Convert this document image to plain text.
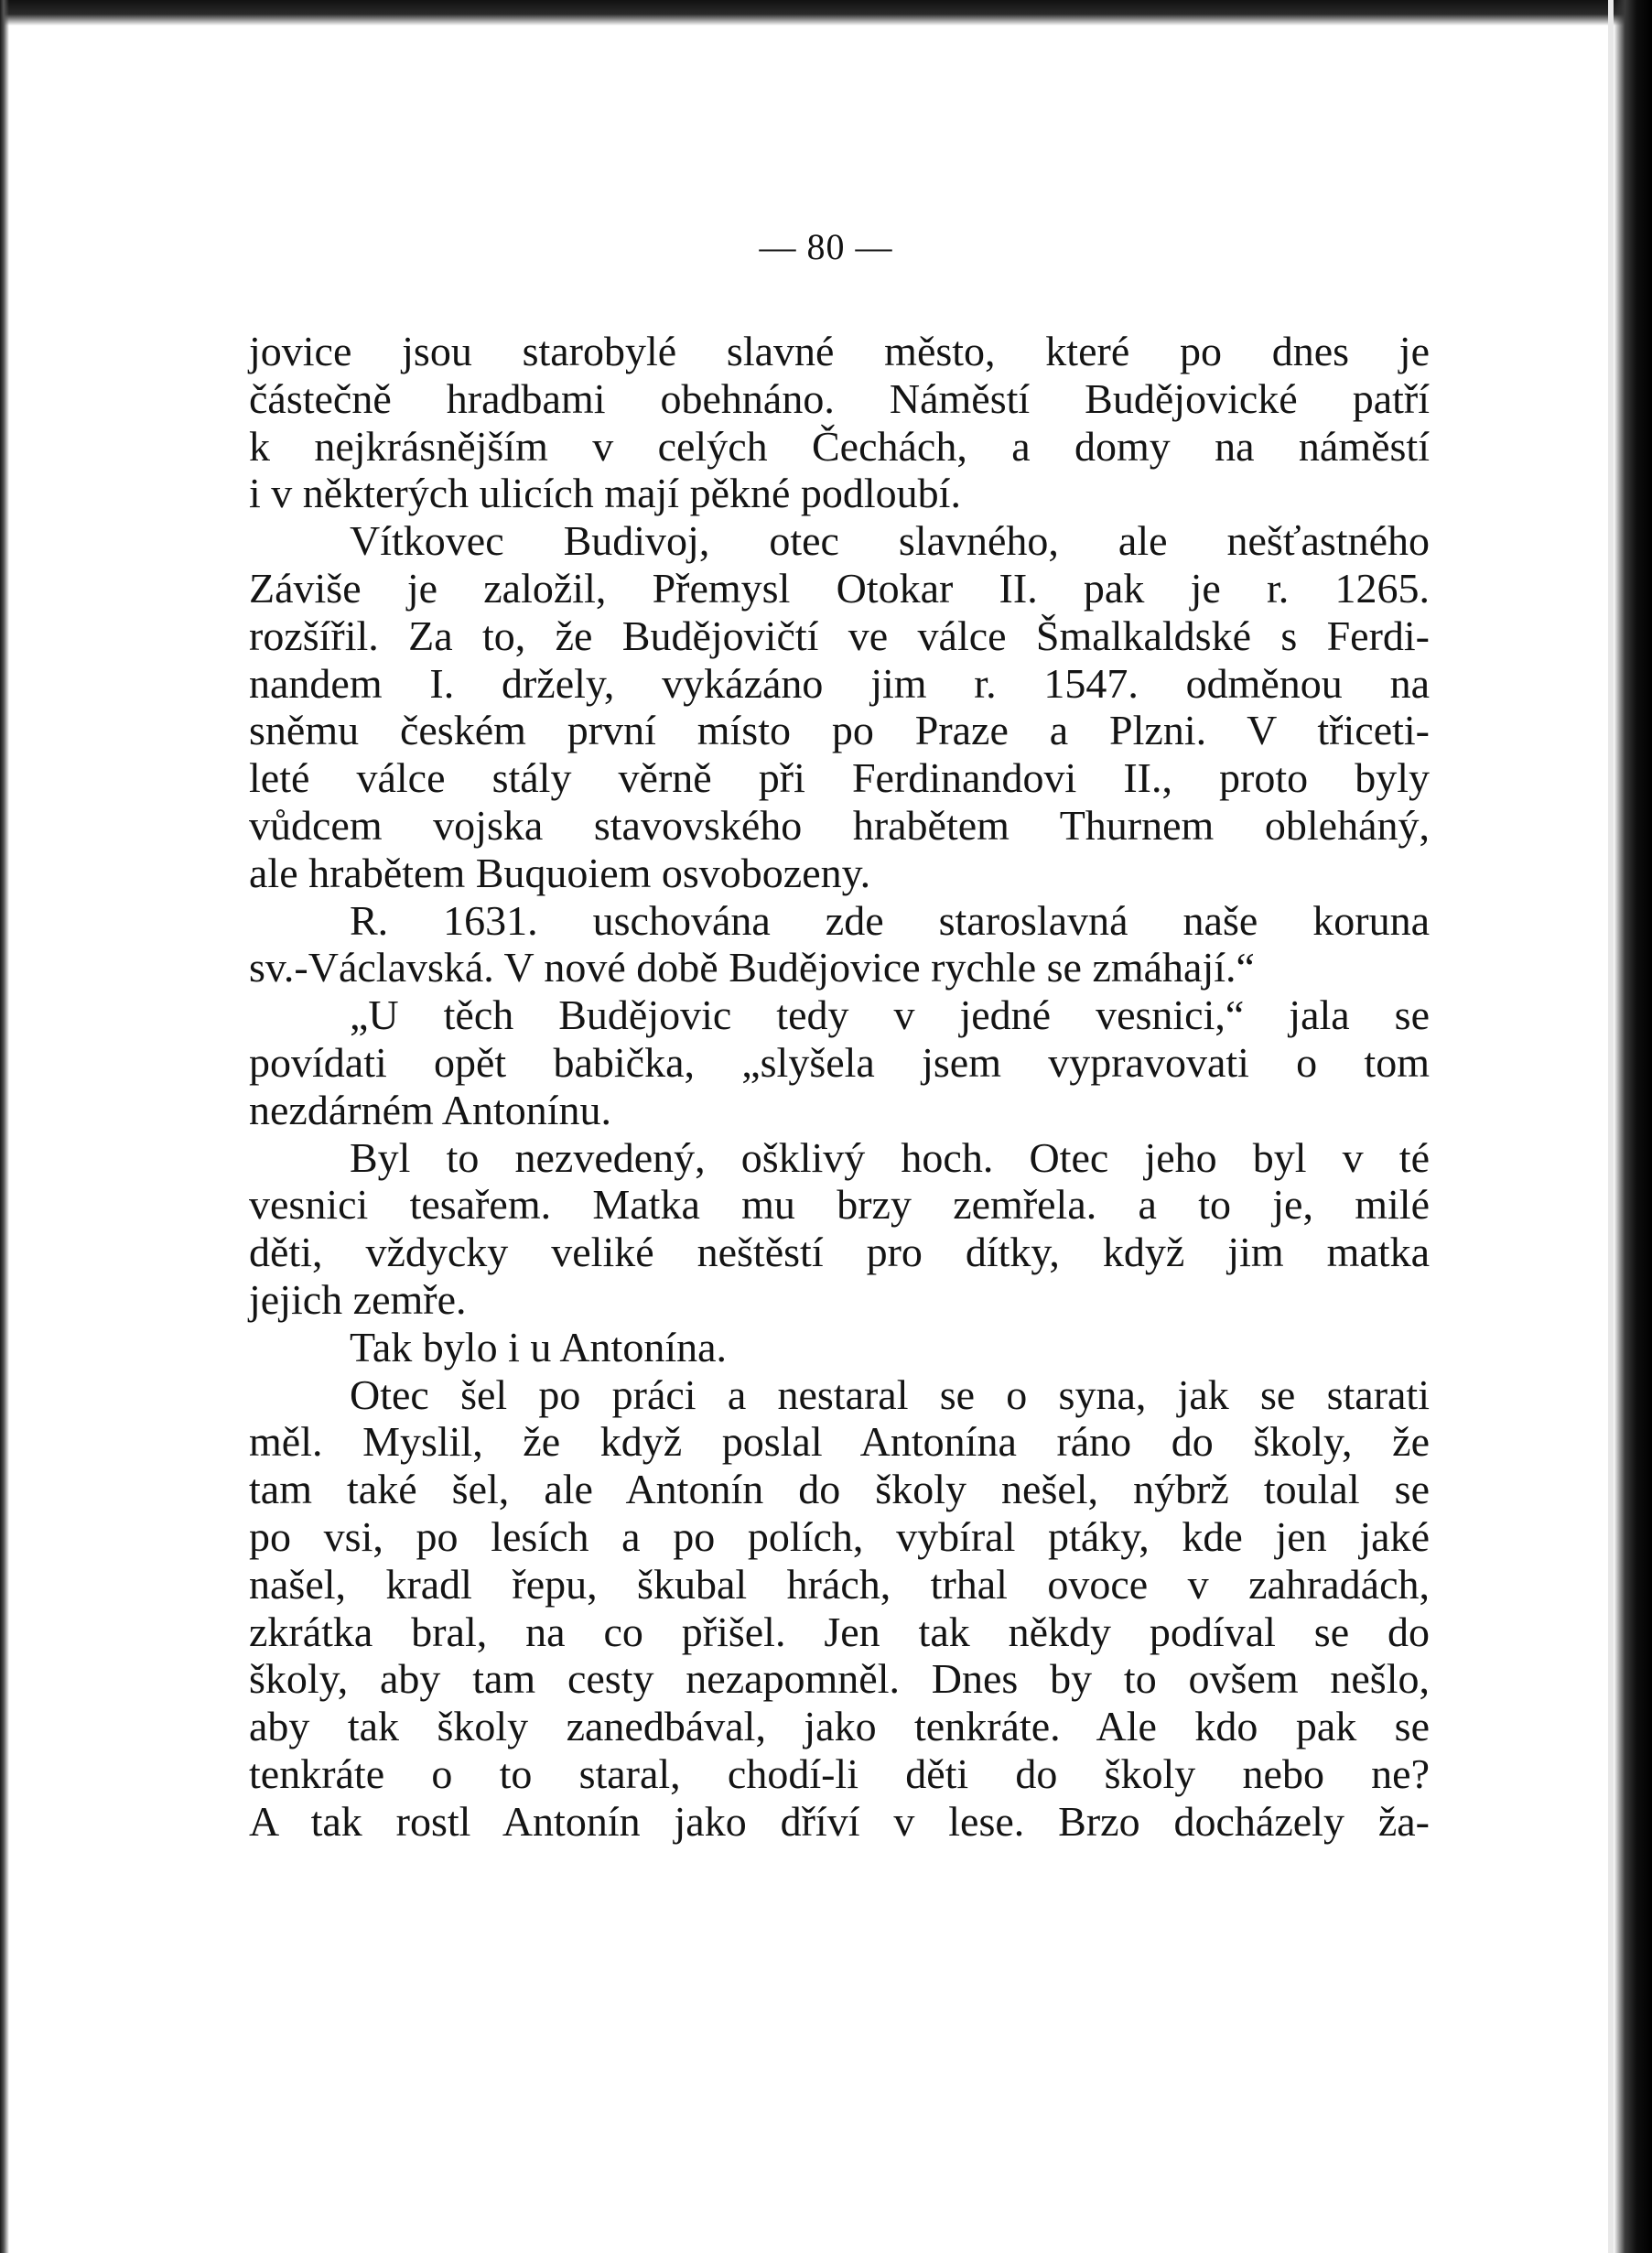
— 80 —
jovice jsou starobylé slavné město, které po dnes je
částečně hradbami obehnáno. Náměstí Budějovické patří
k nejkrásnějším v celých Čechách, a domy na náměstí
i v některých ulicích mají pěkné podloubí.
Vítkovec Budivoj, otec slavného, ale nešťastného
Záviše je založil, Přemysl Otokar II. pak je r. 1265.
rozšířil. Za to, že Budějovičtí ve válce Šmalkaldské s Ferdi-
nandem I. držely, vykázáno jim r. 1547. odměnou na
sněmu českém první místo po Praze a Plzni. V třiceti-
leté válce stály věrně při Ferdinandovi II., proto byly
vůdcem vojska stavovského hrabětem Thurnem obleháný,
ale hrabětem Buquoiem osvobozeny.
R. 1631. uschována zde staroslavná naše koruna
sv.-Václavská. V nové době Budějovice rychle se zmáhají.“
„U těch Budějovic tedy v jedné vesnici,“ jala se
povídati opět babička, „slyšela jsem vypravovati o tom
nezdárném Antonínu.
Byl to nezvedený, ošklivý hoch. Otec jeho byl v té
vesnici tesařem. Matka mu brzy zemřela. a to je, milé
děti, vždycky veliké neštěstí pro dítky, když jim matka
jejich zemře.
Tak bylo i u Antonína.
Otec šel po práci a nestaral se o syna, jak se starati
měl. Myslil, že když poslal Antonína ráno do školy, že
tam také šel, ale Antonín do školy nešel, nýbrž toulal se
po vsi, po lesích a po polích, vybíral ptáky, kde jen jaké
našel, kradl řepu, škubal hrách, trhal ovoce v zahradách,
zkrátka bral, na co přišel. Jen tak někdy podíval se do
školy, aby tam cesty nezapomněl. Dnes by to ovšem nešlo,
aby tak školy zanedbával, jako tenkráte. Ale kdo pak se
tenkráte o to staral, chodí-li děti do školy nebo ne?
A tak rostl Antonín jako dříví v lese. Brzo docházely ža-
